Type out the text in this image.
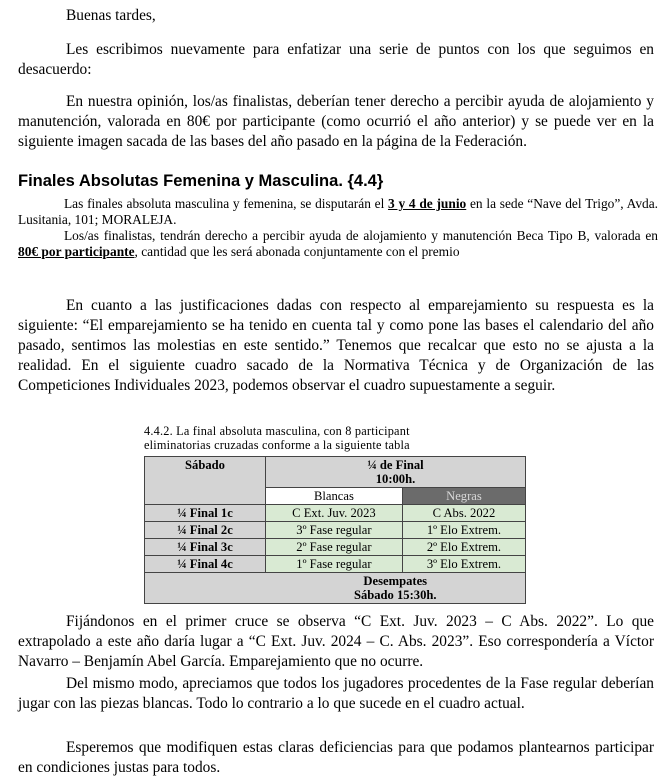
Buenas tardes,

Les escribimos nuevamente para enfatizar una serie de puntos con los que seguimos en desacuerdo:

En nuestra opinión, los/as finalistas, deberían tener derecho a percibir ayuda de alojamiento y manutención, valorada en 80€ por participante (como ocurrió el año anterior) y se puede ver en la siguiente imagen sacada de las bases del año pasado en la página de la Federación.

Finales Absolutas Femenina y Masculina. {4.4}

Las finales absoluta masculina y femenina, se disputarán el 3 y 4 de junio en la sede “Nave del Trigo”, Avda. Lusitania, 101; MORALEJA.

Los/as finalistas, tendrán derecho a percibir ayuda de alojamiento y manutención Beca Tipo B, valorada en 80€ por participante, cantidad que les será abonada conjuntamente con el premio

En cuanto a las justificaciones dadas con respecto al emparejamiento su respuesta es la siguiente: “El emparejamiento se ha tenido en cuenta tal y como pone las bases el calendario del año pasado, sentimos las molestias en este sentido.” Tenemos que recalcar que esto no se ajusta a la realidad. En el siguiente cuadro sacado de la Normativa Técnica y de Organización de las Competiciones Individuales 2023, podemos observar el cuadro supuestamente a seguir.

4.4.2. La final absoluta masculina, con 8 participant
eliminatorias cruzadas conforme a la siguiente tabla

Sábado	¼ de Final
10:00h.	
	Blancas	Negras
¼ Final 1c	C Ext. Juv. 2023	C Abs. 2022
¼ Final 2c	3º Fase regular	1º Elo Extrem.
¼ Final 3c	2º Fase regular	2º Elo Extrem.
¼ Final 4c	1º Fase regular	3º Elo Extrem.
	Desempates
Sábado 15:30h.	

Fijándonos en el primer cruce se observa “C Ext. Juv. 2023 – C Abs. 2022”. Lo que extrapolado a este año daría lugar a “C Ext. Juv. 2024 – C. Abs. 2023”. Eso correspondería a Víctor Navarro – Benjamín Abel García. Emparejamiento que no ocurre.

Del mismo modo, apreciamos que todos los jugadores procedentes de la Fase regular deberían jugar con las piezas blancas. Todo lo contrario a lo que sucede en el cuadro actual.

Esperemos que modifiquen estas claras deficiencias para que podamos plantearnos participar en condiciones justas para todos.
